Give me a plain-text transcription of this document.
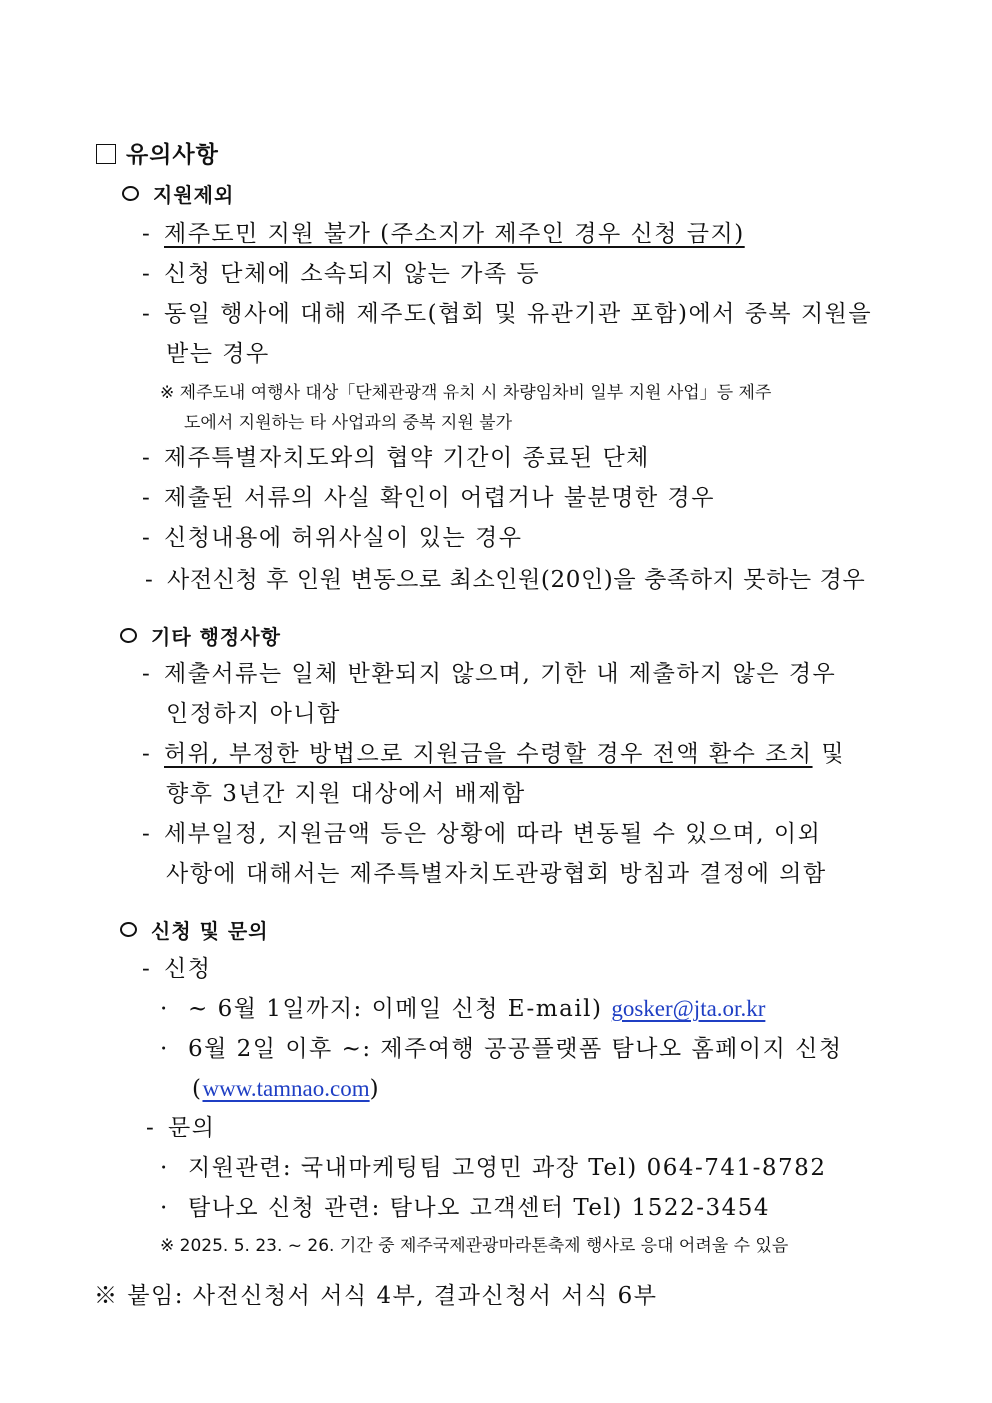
유의사항
지원제외
- 제주도민 지원 불가 (주소지가 제주인 경우 신청 금지)
- 신청 단체에 소속되지 않는 가족 등
- 동일 행사에 대해 제주도(협회 및 유관기관 포함)에서 중복 지원을
받는 경우
※ 제주도내 여행사 대상「단체관광객 유치 시 차량임차비 일부 지원 사업」등 제주
도에서 지원하는 타 사업과의 중복 지원 불가
- 제주특별자치도와의 협약 기간이 종료된 단체
- 제출된 서류의 사실 확인이 어렵거나 불분명한 경우
- 신청내용에 허위사실이 있는 경우
- 사전신청 후 인원 변동으로 최소인원(20인)을 충족하지 못하는 경우
기타 행정사항
- 제출서류는 일체 반환되지 않으며, 기한 내 제출하지 않은 경우
인정하지 아니함
- 허위, 부정한 방법으로 지원금을 수령할 경우 전액 환수 조치 및
향후 3년간 지원 대상에서 배제함
- 세부일정, 지원금액 등은 상황에 따라 변동될 수 있으며, 이외
사항에 대해서는 제주특별자치도관광협회 방침과 결정에 의함
신청 및 문의
- 신청
· ~ 6월 1일까지: 이메일 신청 E-mail) gosker@jta.or.kr
· 6월 2일 이후 ~: 제주여행 공공플랫폼 탐나오 홈페이지 신청
(www.tamnao.com)
- 문의
· 지원관련: 국내마케팅팀 고영민 과장 Tel) 064-741-8782
· 탐나오 신청 관련: 탐나오 고객센터 Tel) 1522-3454
※ 2025. 5. 23. ~ 26. 기간 중 제주국제관광마라톤축제 행사로 응대 어려울 수 있음
※ 붙임: 사전신청서 서식 4부, 결과신청서 서식 6부
